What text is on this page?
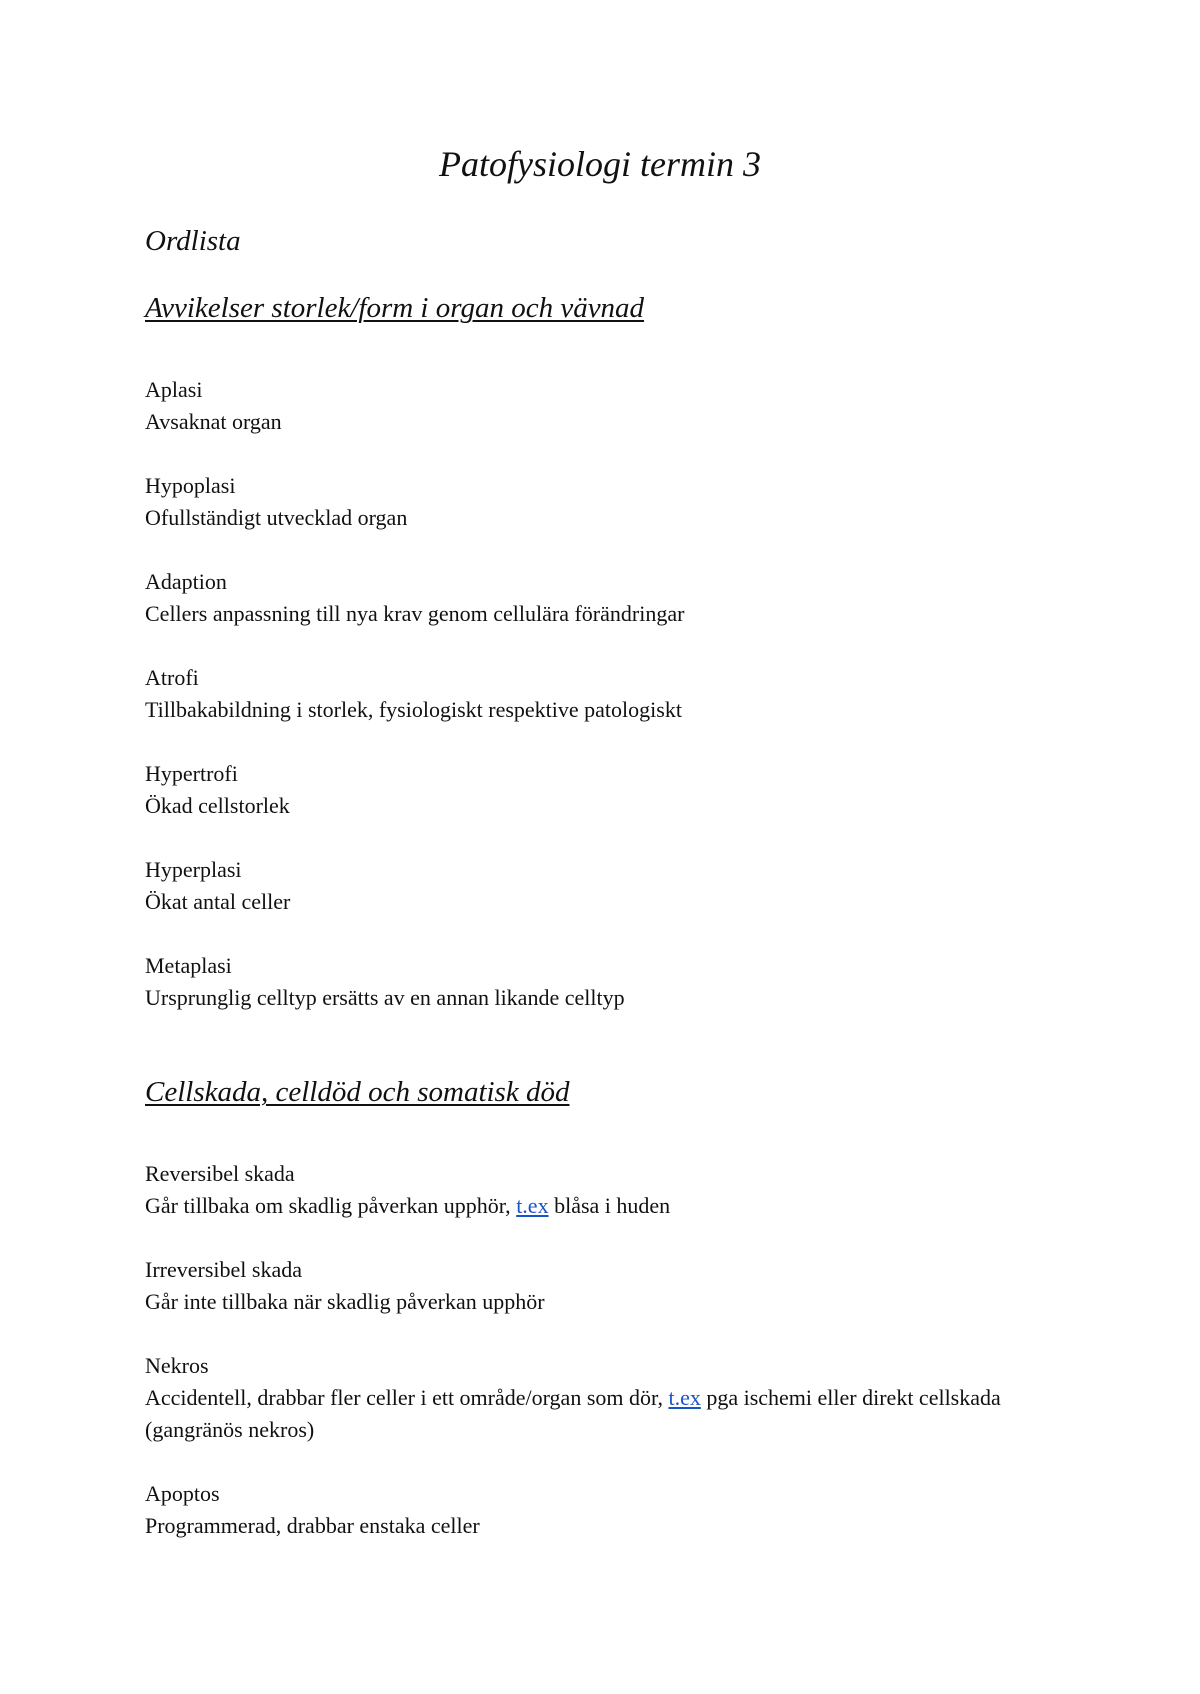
Patofysiologi termin 3
Ordlista
Avvikelser storlek/form i organ och vävnad
Aplasi
Avsaknat organ
Hypoplasi
Ofullständigt utvecklad organ
Adaption
Cellers anpassning till nya krav genom cellulära förändringar
Atrofi
Tillbakabildning i storlek, fysiologiskt respektive patologiskt
Hypertrofi
Ökad cellstorlek
Hyperplasi
Ökat antal celler
Metaplasi
Ursprunglig celltyp ersätts av en annan likande celltyp
Cellskada, celldöd och somatisk död
Reversibel skada
Går tillbaka om skadlig påverkan upphör, t.ex blåsa i huden
Irreversibel skada
Går inte tillbaka när skadlig påverkan upphör
Nekros
Accidentell, drabbar fler celler i ett område/organ som dör, t.ex pga ischemi eller direkt cellskada (gangränös nekros)
Apoptos
Programmerad, drabbar enstaka celler
